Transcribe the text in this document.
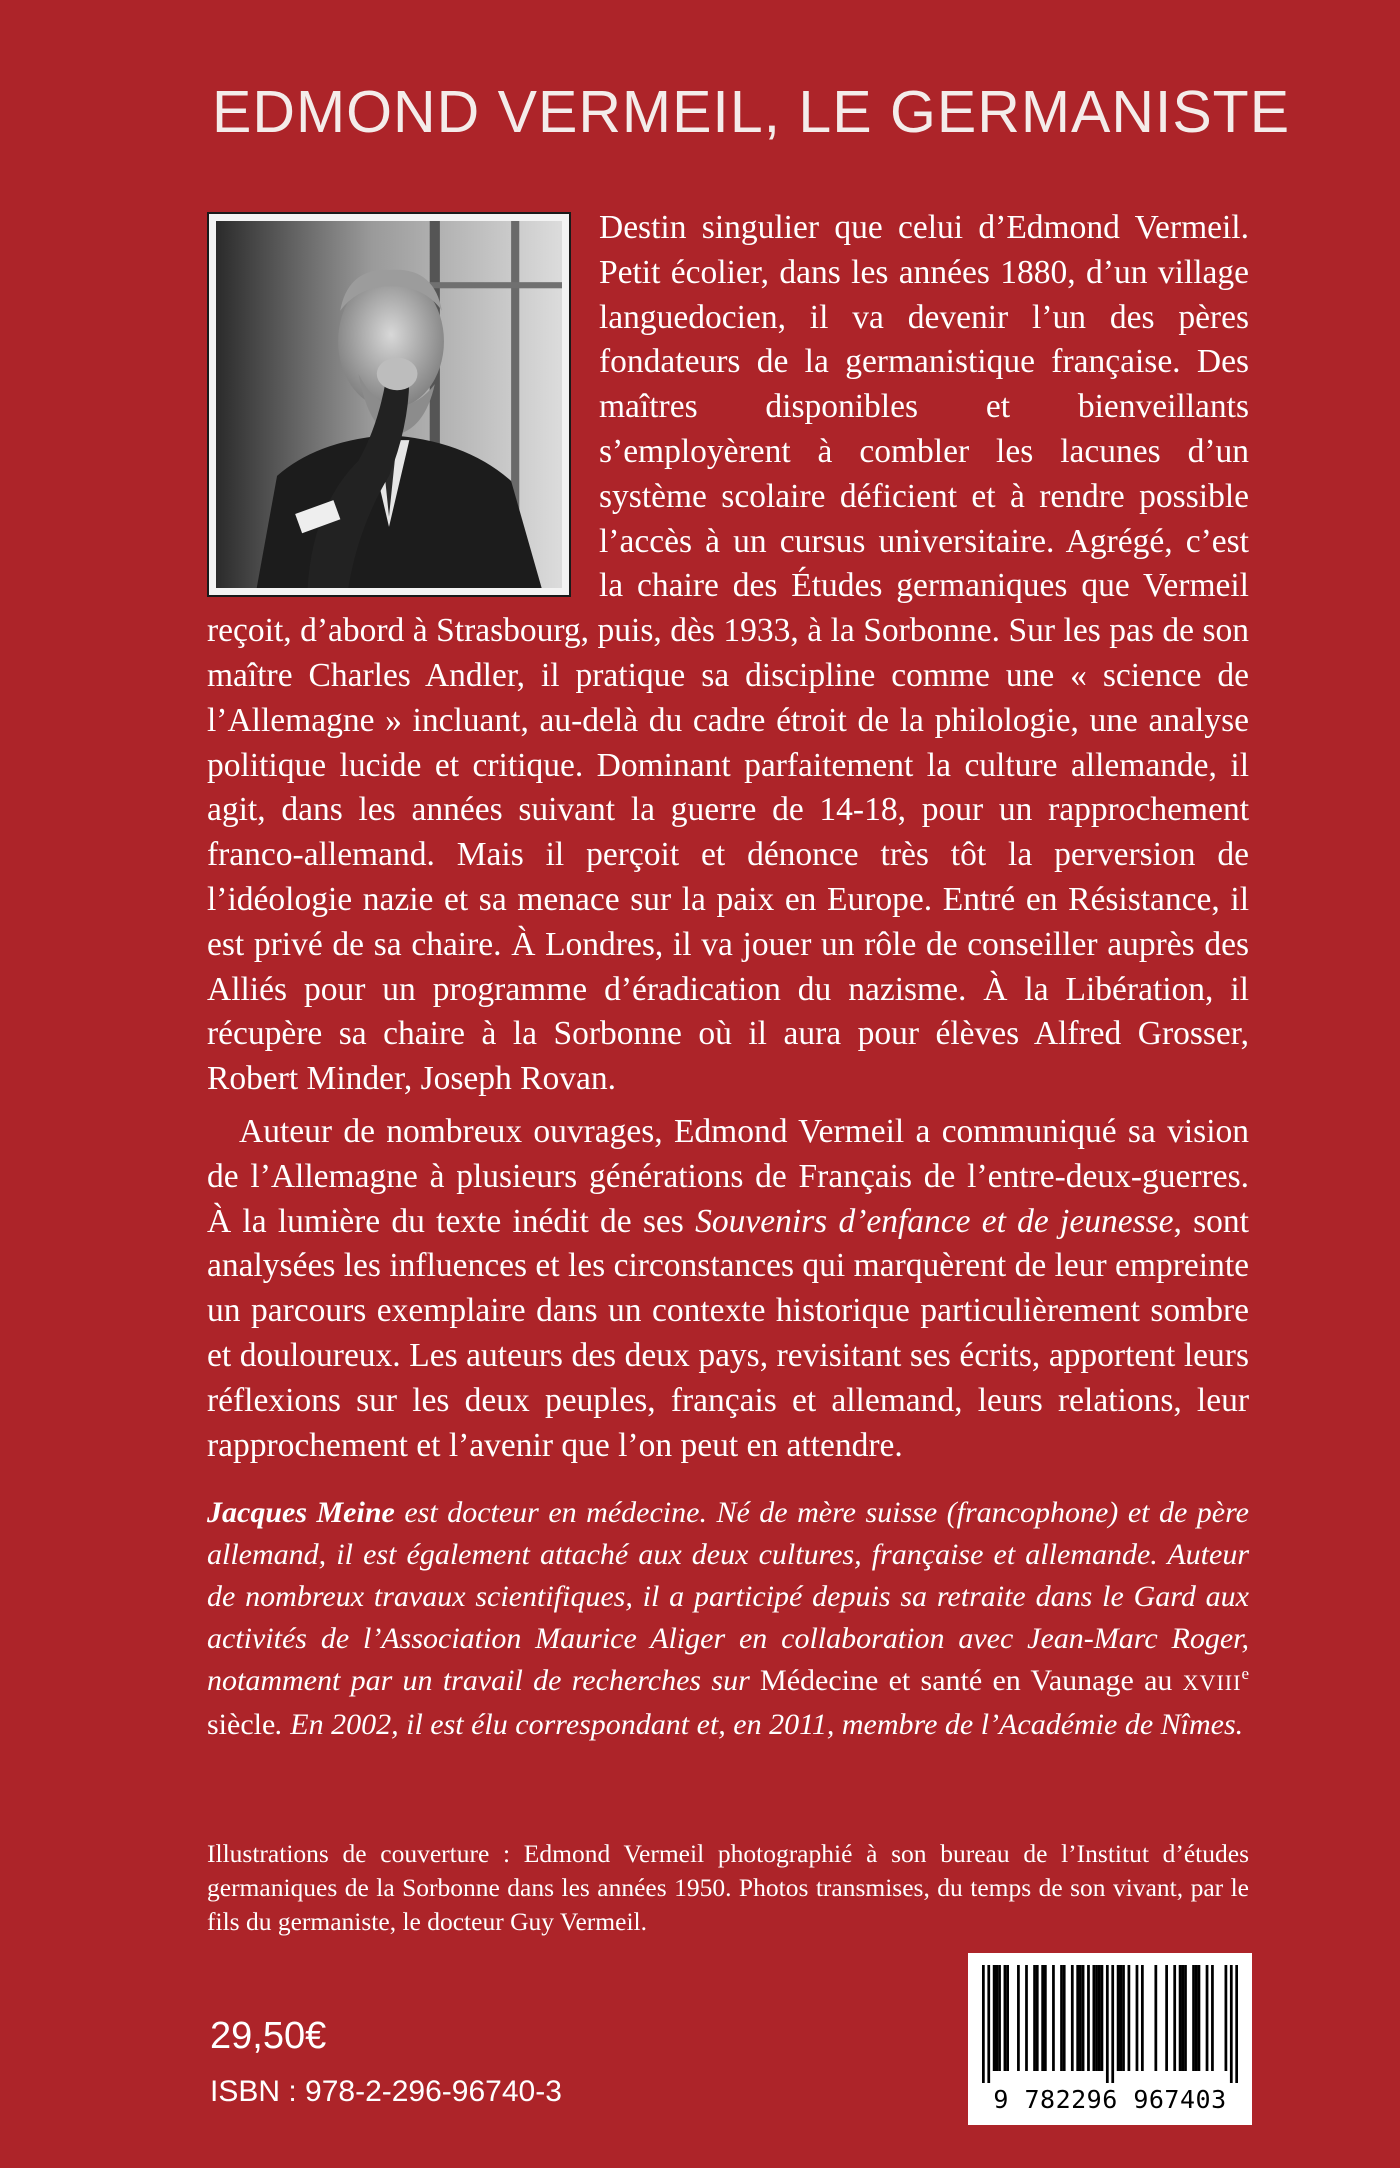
EDMOND VERMEIL, LE GERMANISTE

Destin singulier que celui d’Edmond Vermeil. Petit écolier, dans les années 1880, d’un village languedocien, il va devenir l’un des pères fondateurs de la germanistique française. Des maîtres disponibles et bienveillants s’employèrent à combler les lacunes d’un système scolaire déficient et à rendre possible l’accès à un cursus universitaire. Agrégé, c’est la chaire des Études germaniques que Vermeil reçoit, d’abord à Strasbourg, puis, dès 1933, à la Sorbonne. Sur les pas de son maître Charles Andler, il pratique sa discipline comme une « science de l’Allemagne » incluant, au-delà du cadre étroit de la philologie, une analyse politique lucide et critique. Dominant parfaitement la culture allemande, il agit, dans les années suivant la guerre de 14-18, pour un rapprochement franco-allemand. Mais il perçoit et dénonce très tôt la perversion de l’idéologie nazie et sa menace sur la paix en Europe. Entré en Résistance, il est privé de sa chaire. À Londres, il va jouer un rôle de conseiller auprès des Alliés pour un programme d’éradication du nazisme. À la Libération, il récupère sa chaire à la Sorbonne où il aura pour élèves Alfred Grosser, Robert Minder, Joseph Rovan.

Auteur de nombreux ouvrages, Edmond Vermeil a communiqué sa vision de l’Allemagne à plusieurs générations de Français de l’entre-deux-guerres. À la lumière du texte inédit de ses Souvenirs d’enfance et de jeunesse, sont analysées les influences et les circonstances qui marquèrent de leur empreinte un parcours exemplaire dans un contexte historique particulièrement sombre et douloureux. Les auteurs des deux pays, revisitant ses écrits, apportent leurs réflexions sur les deux peuples, français et allemand, leurs relations, leur rapprochement et l’avenir que l’on peut en attendre.

Jacques Meine est docteur en médecine. Né de mère suisse (francophone) et de père allemand, il est également attaché aux deux cultures, française et allemande. Auteur de nombreux travaux scientifiques, il a participé depuis sa retraite dans le Gard aux activités de l’Association Maurice Aliger en collaboration avec Jean-Marc Roger, notamment par un travail de recherches sur Médecine et santé en Vaunage au XVIIIe siècle. En 2002, il est élu correspondant et, en 2011, membre de l’Académie de Nîmes.
Illustrations de couverture : Edmond Vermeil photographié à son bureau de l’Institut d’études germaniques de la Sorbonne dans les années 1950. Photos transmises, du temps de son vivant, par le fils du germaniste, le docteur Guy Vermeil.
29,50€
ISBN : 978-2-296-96740-3	9 782296 967403
